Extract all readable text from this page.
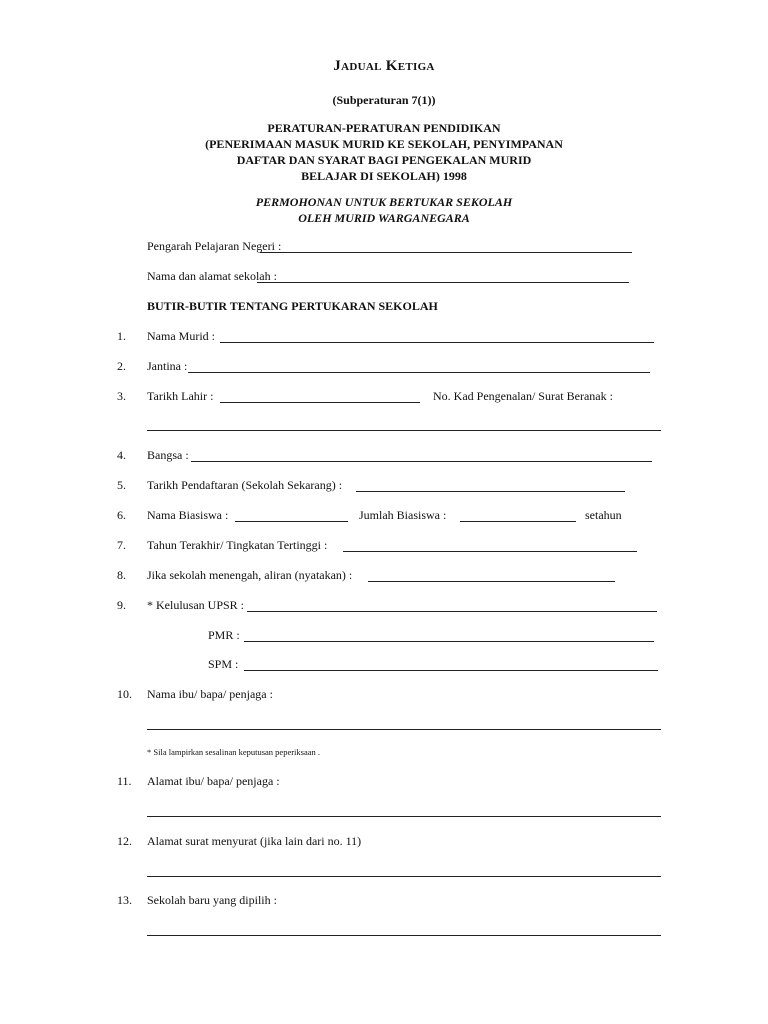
Jadual Ketiga
(Subperaturan 7(1))
PERATURAN-PERATURAN PENDIDIKAN
(PENERIMAAN MASUK MURID KE SEKOLAH, PENYIMPANAN
DAFTAR DAN SYARAT BAGI PENGEKALAN MURID
BELAJAR DI SEKOLAH) 1998
PERMOHONAN UNTUK BERTUKAR SEKOLAH
OLEH MURID WARGANEGARA
Pengarah Pelajaran Negeri :
Nama dan alamat sekolah :
BUTIR-BUTIR TENTANG PERTUKARAN SEKOLAH
1. Nama Murid :
2. Jantina :
3. Tarikh Lahir :	No. Kad Pengenalan/ Surat Beranak :
4. Bangsa :
5. Tarikh Pendaftaran (Sekolah Sekarang) :
6. Nama Biasiswa :	Jumlah Biasiswa :	setahun
7. Tahun Terakhir/ Tingkatan Tertinggi :
8. Jika sekolah menengah, aliran (nyatakan) :
9. * Kelulusan UPSR :
PMR :
SPM :
10. Nama ibu/ bapa/ penjaga :
* Sila lampirkan sesalinan keputusan peperiksaan .
11. Alamat ibu/ bapa/ penjaga :
12. Alamat surat menyurat (jika lain dari no. 11)
13. Sekolah baru yang dipilih :
